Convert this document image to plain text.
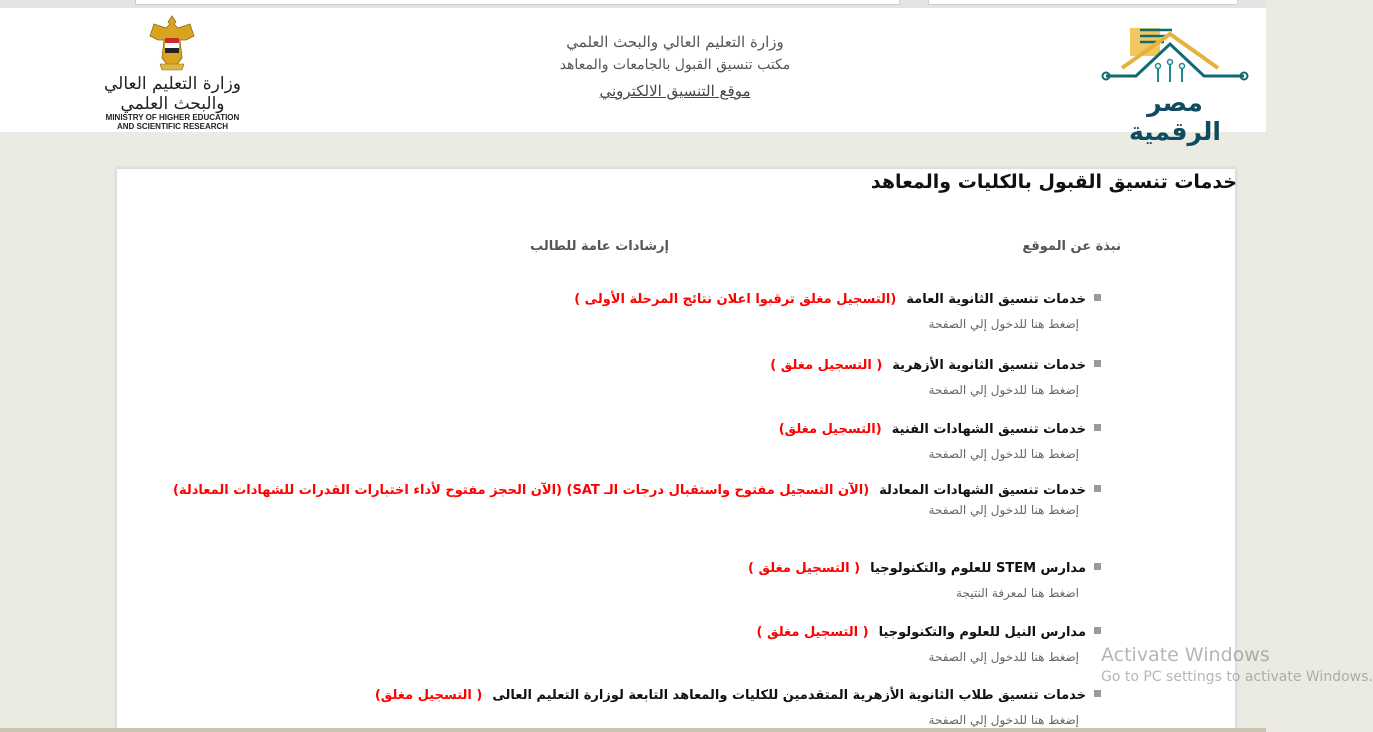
وزارة التعليم العالي والبحث العلمي
MINISTRY OF HIGHER EDUCATION
AND SCIENTIFIC RESEARCH
وزارة التعليم العالي والبحث العلمي
مكتب تنسيق القبول بالجامعات والمعاهد
موقع التنسيق الالكتروني	مصر الرقمية
خدمات تنسيق القبول بالكليات والمعاهد
نبذة عن الموقع
إرشادات عامة للطالب
خدمات تنسيق الثانوية العامة(التسجيل مغلق ترقبوا اعلان نتائج المرحلة الأولى )
إضغط هنا للدخول إلي الصفحة
خدمات تنسيق الثانوية الأزهرية( التسجيل مغلق )
إضغط هنا للدخول إلي الصفحة
خدمات تنسيق الشهادات الفنية(التسجيل مغلق)
إضغط هنا للدخول إلي الصفحة
خدمات تنسيق الشهادات المعادلة(الآن التسجيل مفتوح واستقبال درجات الـ SAT) (الآن الحجز مفتوح لأداء اختبارات القدرات للشهادات المعادلة)
إضغط هنا للدخول إلي الصفحة
مدارس STEM للعلوم والتكنولوجيا( التسجيل مغلق )
اضغط هنا لمعرفة النتيجة
مدارس النيل للعلوم والتكنولوجيا( التسجيل مغلق )
إضغط هنا للدخول إلي الصفحة
خدمات تنسيق طلاب الثانوية الأزهرية المتقدمين للكليات والمعاهد التابعة لوزارة التعليم العالى( التسجيل مغلق)
إضغط هنا للدخول إلي الصفحة
Activate Windows
Go to PC settings to activate Windows.
